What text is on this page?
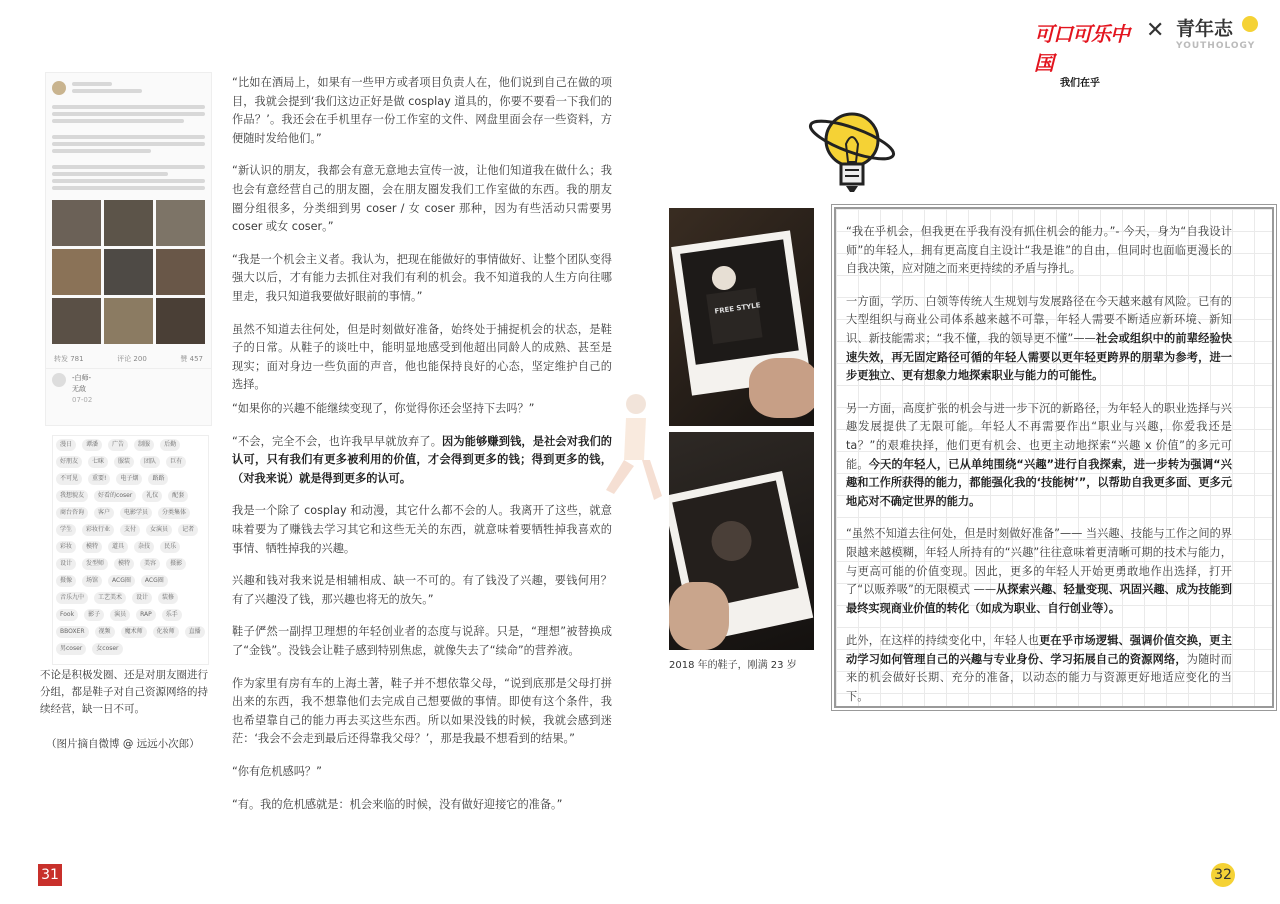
可口可乐中国
我们在乎
✕ 青年志
YOUTHOLOGY
转发 781	评论 200	赞 457
-白师-
无敌
07-02
漫日 谭潘 广告 制服 后勤好朋友 七咪 服装 团队 巨有不可见 重要! 电子烟 路路我想貌友 好看的coser 礼仪 配套商台咨询 客户 电影学员 分类集体学生 彩妆行业 支付 女演员 记者彩妆 模特 道具 杂技 民乐设计 发型师 模特 美容 摄影摄像 场馆 ACG圈 ACG圈音乐九中 工艺美术 设计 装修Fook 影子 演员 RAP 乐手BBOXER 视频 魔术师 化妆师 直播男coser 女coser
不论是积极发圈、还是对朋友圈进行分组，都是鞋子对自己资源网络的持续经营，缺一日不可。
（图片摘自微博 @ 远远小次郎）

“比如在酒局上，如果有一些甲方或者项目负责人在，他们说到自己在做的项目，我就会提到‘我们这边正好是做 cosplay 道具的，你要不要看一下我们的作品？’。我还会在手机里存一份工作室的文件、网盘里面会存一些资料，方便随时发给他们。”

“新认识的朋友，我都会有意无意地去宣传一波，让他们知道我在做什么；我也会有意经营自己的朋友圈，会在朋友圈发我们工作室做的东西。我的朋友圈分组很多，分类细到男 coser / 女 coser 那种，因为有些活动只需要男 coser 或女 coser。”

“我是一个机会主义者。我认为，把现在能做好的事情做好、让整个团队变得强大以后，才有能力去抓住对我们有利的机会。我不知道我的人生方向往哪里走，我只知道我要做好眼前的事情。”

虽然不知道去往何处，但是时刻做好准备，始终处于捕捉机会的状态，是鞋子的日常。从鞋子的谈吐中，能明显地感受到他超出同龄人的成熟、甚至是现实；面对身边一些负面的声音，他也能保持良好的心态，坚定维护自己的选择。

“如果你的兴趣不能继续变现了，你觉得你还会坚持下去吗？”

“不会，完全不会，也许我早早就放弃了。因为能够赚到钱，是社会对我们的认可，只有我们有更多被利用的价值，才会得到更多的钱；得到更多的钱，（对我来说）就是得到更多的认可。

我是一个除了 cosplay 和动漫，其它什么都不会的人。我离开了这些，就意味着要为了赚钱去学习其它和这些无关的东西，就意味着要牺牲掉我喜欢的事情、牺牲掉我的兴趣。

兴趣和钱对我来说是相辅相成、缺一不可的。有了钱没了兴趣，要钱何用？有了兴趣没了钱，那兴趣也将无的放矢。”

鞋子俨然一副捍卫理想的年轻创业者的态度与说辞。只是，“理想”被替换成了“金钱”。没钱会让鞋子感到特别焦虑，就像失去了“续命”的营养液。

作为家里有房有车的上海土著，鞋子并不想依靠父母，“说到底那是父母打拼出来的东西，我不想靠他们去完成自己想要做的事情。即使有这个条件，我也希望靠自己的能力再去买这些东西。所以如果没钱的时候，我就会感到迷茫：‘我会不会走到最后还得靠我父母？’，那是我最不想看到的结果。”

“你有危机感吗？”

“有。我的危机感就是：机会来临的时候，没有做好迎接它的准备。”

FREE STYLE
2018 年的鞋子，刚满 23 岁

“我在乎机会，但我更在乎我有没有抓住机会的能力。”- 今天，身为“自我设计师”的年轻人，拥有更高度自主设计“我是谁”的自由，但同时也面临更漫长的自我决策，应对随之而来更持续的矛盾与挣扎。

一方面，学历、白领等传统人生规划与发展路径在今天越来越有风险。已有的大型组织与商业公司体系越来越不可靠，年轻人需要不断适应新环境、新知识、新技能需求；“我不懂，我的领导更不懂”——社会或组织中的前辈经验快速失效，再无固定路径可循的年轻人需要以更年轻更跨界的朋辈为参考，进一步更独立、更有想象力地探索职业与能力的可能性。

另一方面，高度扩张的机会与进一步下沉的新路径，为年轻人的职业选择与兴趣发展提供了无限可能。年轻人不再需要作出“职业与兴趣，你爱我还是 ta？”的艰难抉择，他们更有机会、也更主动地探索“兴趣 x 价值”的多元可能。今天的年轻人，已从单纯围绕“兴趣”进行自我探索，进一步转为强调“兴趣和工作所获得的能力，都能强化我的‘技能树’”，以帮助自我更多面、更多元地応对不确定世界的能力。

“虽然不知道去往何处，但是时刻做好准备”—— 当兴趣、技能与工作之间的界限越来越模糊，年轻人所持有的“兴趣”往往意味着更清晰可期的技术与能力，与更高可能的价值变现。因此，更多的年轻人开始更勇敢地作出选择，打开了“以贩养吸”的无限模式 ——从探索兴趣、轻量变现、巩固兴趣、成为技能到最终实现商业价值的转化（如成为职业、自行创业等）。

此外，在这样的持续变化中，年轻人也更在乎市场逻辑、强调价值交换，更主动学习如何管理自己的兴趣与专业身份、学习拓展自己的资源网络，为随时而来的机会做好长期、充分的准备，以动态的能力与资源更好地适应变化的当下。

31	32
